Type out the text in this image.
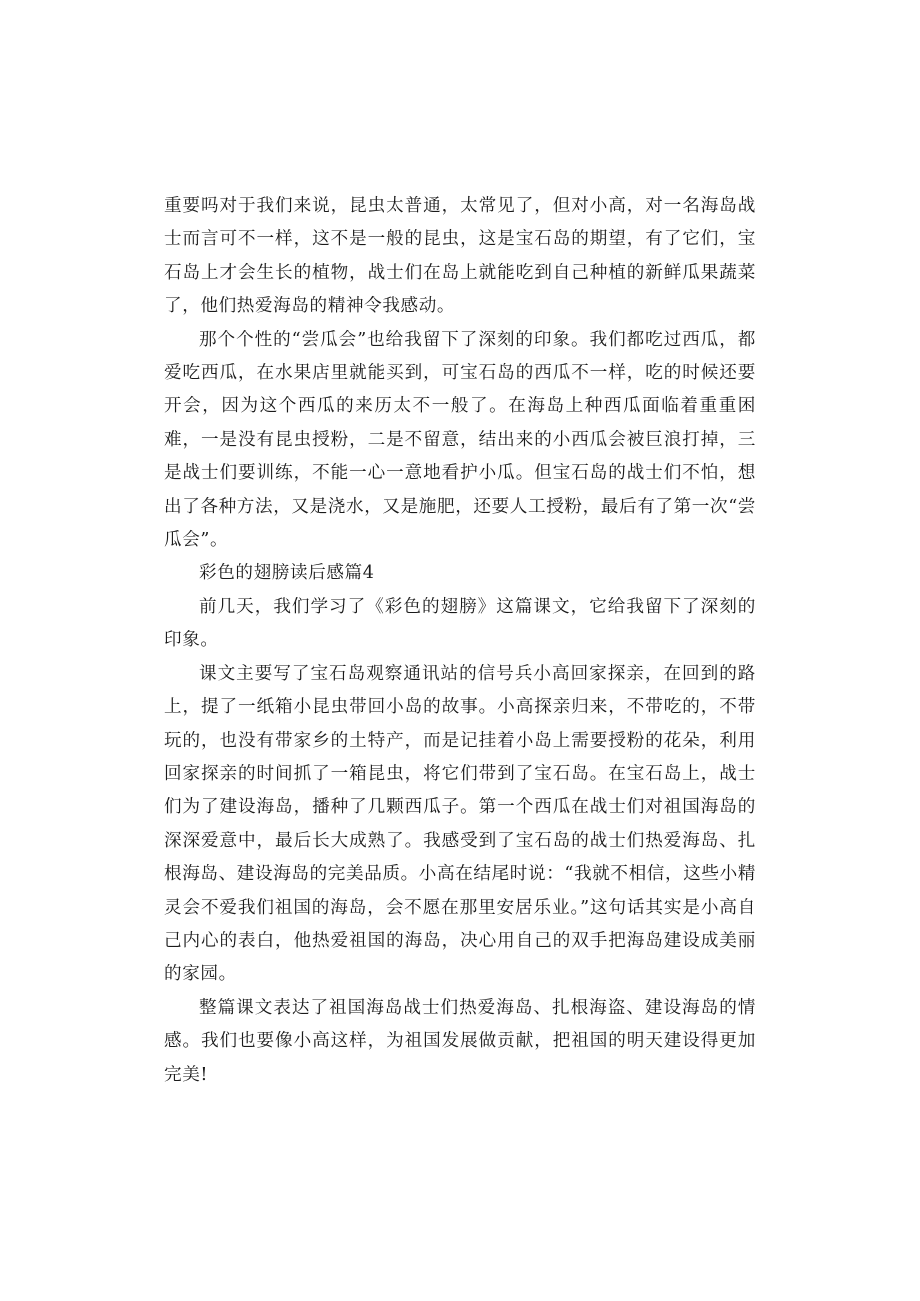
重要吗对于我们来说，昆虫太普通，太常见了，但对小高，对一名海岛战士而言可不一样，这不是一般的昆虫，这是宝石岛的期望，有了它们，宝石岛上才会生长的植物，战士们在岛上就能吃到自己种植的新鲜瓜果蔬菜了，他们热爱海岛的精神令我感动。

那个个性的“尝瓜会”也给我留下了深刻的印象。我们都吃过西瓜，都爱吃西瓜，在水果店里就能买到，可宝石岛的西瓜不一样，吃的时候还要开会，因为这个西瓜的来历太不一般了。在海岛上种西瓜面临着重重困难，一是没有昆虫授粉，二是不留意，结出来的小西瓜会被巨浪打掉，三是战士们要训练，不能一心一意地看护小瓜。但宝石岛的战士们不怕，想出了各种方法，又是浇水，又是施肥，还要人工授粉，最后有了第一次“尝瓜会”。

彩色的翅膀读后感篇4

前几天，我们学习了《彩色的翅膀》这篇课文，它给我留下了深刻的印象。

课文主要写了宝石岛观察通讯站的信号兵小高回家探亲，在回到的路上，提了一纸箱小昆虫带回小岛的故事。小高探亲归来，不带吃的，不带玩的，也没有带家乡的土特产，而是记挂着小岛上需要授粉的花朵，利用回家探亲的时间抓了一箱昆虫，将它们带到了宝石岛。在宝石岛上，战士们为了建设海岛，播种了几颗西瓜子。第一个西瓜在战士们对祖国海岛的深深爱意中，最后长大成熟了。我感受到了宝石岛的战士们热爱海岛、扎根海岛、建设海岛的完美品质。小高在结尾时说：“我就不相信，这些小精灵会不爱我们祖国的海岛，会不愿在那里安居乐业。”这句话其实是小高自己内心的表白，他热爱祖国的海岛，决心用自己的双手把海岛建设成美丽的家园。

整篇课文表达了祖国海岛战士们热爱海岛、扎根海盗、建设海岛的情感。我们也要像小高这样，为祖国发展做贡献，把祖国的明天建设得更加完美!
